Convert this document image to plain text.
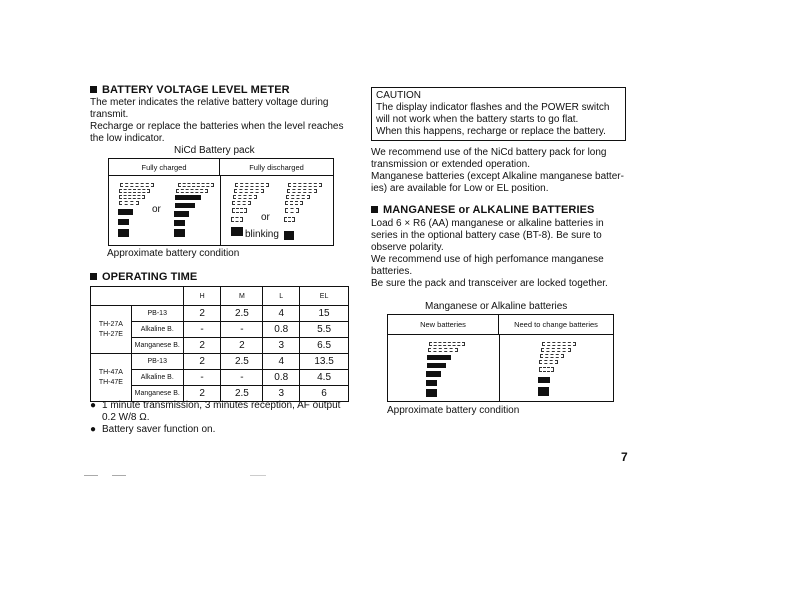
BATTERY VOLTAGE LEVEL METER
The meter indicates the relative battery voltage during
transmit.
Recharge or replace the batteries when the level reaches
the low indicator.
NiCd Battery pack
Fully charged	Fully discharged
or
or
blinking
Approximate battery condition
OPERATING TIME
		H	M	L	EL

TH-27A
TH-27E	PB-13	2	2.5	4	15
	Alkaline B.	-	-	0.8	5.5
	Manganese B.	2	2	3	6.5

TH-47A
TH-47E	PB-13	2	2.5	4	13.5
	Alkaline B.	-	-	0.8	4.5
	Manganese B.	2	2.5	3	6
● 1 minute transmission, 3 minutes reception, AF output
0.2 W/8 Ω.
● Battery saver function on.
CAUTION
The display indicator flashes and the POWER switch
will not work when the battery starts to go flat.
When this happens, recharge or replace the battery.
We recommend use of the NiCd battery pack for long
transmission or extended operation.
Manganese batteries (except Alkaline manganese batter-
ies) are available for Low or EL position.
MANGANESE or ALKALINE BATTERIES
Load 6 × R6 (AA) manganese or alkaline batteries in
series in the optional battery case (BT-8). Be sure to
observe polarity.
We recommend use of high perfomance manganese
batteries.
Be sure the pack and transceiver are locked together.
Manganese or Alkaline batteries
New batteries	Need to change batteries
Approximate battery condition
7
